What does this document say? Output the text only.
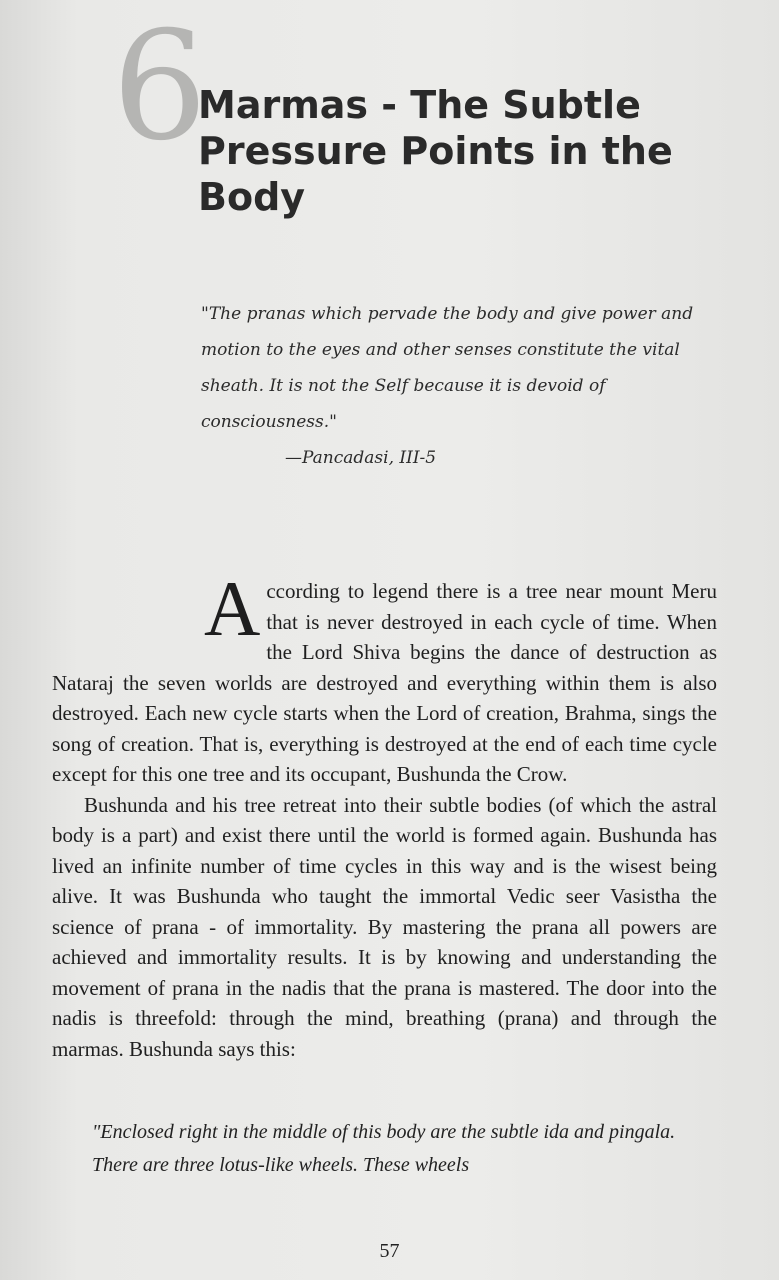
6
Marmas - The Subtle Pressure Points in the Body
"The pranas which pervade the body and give power and motion to the eyes and other senses constitute the vital sheath. It is not the Self because it is devoid of consciousness."
—Pancadasi, III-5

According to legend there is a tree near mount Meru that is never destroyed in each cycle of time. When the Lord Shiva begins the dance of destruction as Nataraj the seven worlds are destroyed and everything within them is also destroyed. Each new cycle starts when the Lord of creation, Brahma, sings the song of creation. That is, everything is destroyed at the end of each time cycle except for this one tree and its occupant, Bushunda the Crow.

Bushunda and his tree retreat into their subtle bodies (of which the astral body is a part) and exist there until the world is formed again. Bushunda has lived an infinite number of time cycles in this way and is the wisest being alive. It was Bushunda who taught the immortal Vedic seer Vasistha the science of prana - of immortality. By mastering the prana all powers are achieved and immortality results. It is by knowing and understanding the movement of prana in the nadis that the prana is mastered. The door into the nadis is threefold: through the mind, breathing (prana) and through the marmas. Bushunda says this:

"Enclosed right in the middle of this body are the subtle ida and pingala. There are three lotus-like wheels. These wheels
57
